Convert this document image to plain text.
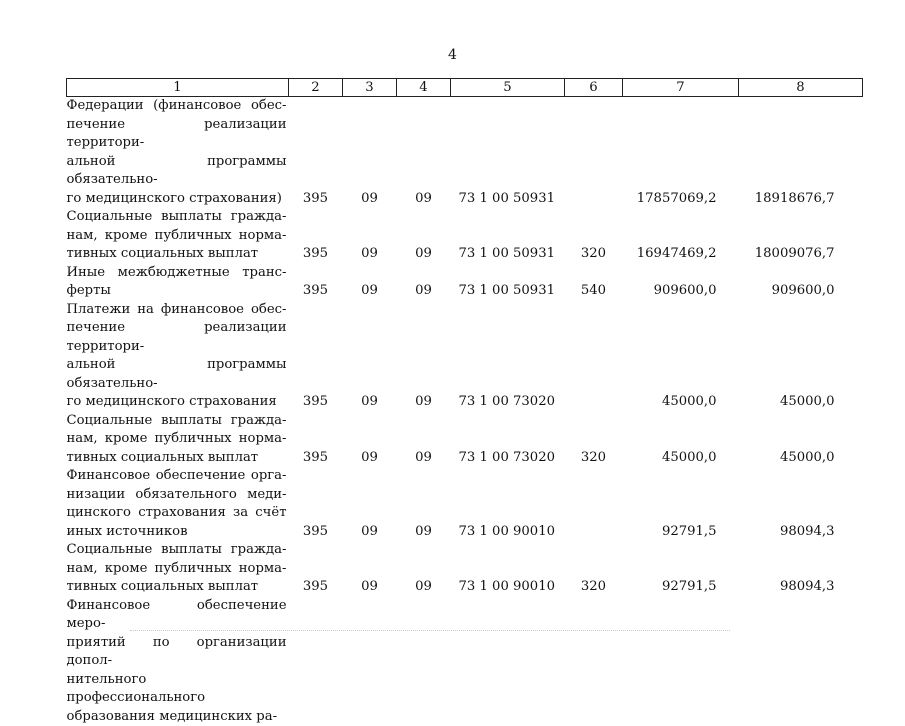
4
1	2	3	4	5	6	7	8

Федерации (финансовое обес-
печение реализации территори-
альной программы обязательно-
го медицинского страхования)	395	09	09	73 1 00 50931		17857069,2	18918676,7

Социальные выплаты гражда-
нам, кроме публичных норма-
тивных социальных выплат	395	09	09	73 1 00 50931	320	16947469,2	18009076,7

Иные межбюджетные транс-
ферты	395	09	09	73 1 00 50931	540	909600,0	909600,0

Платежи на финансовое обес-
печение реализации территори-
альной программы обязательно-
го медицинского страхования	395	09	09	73 1 00 73020		45000,0	45000,0

Социальные выплаты гражда-
нам, кроме публичных норма-
тивных социальных выплат	395	09	09	73 1 00 73020	320	45000,0	45000,0

Финансовое обеспечение орга-
низации обязательного меди-
цинского страхования за счёт
иных источников	395	09	09	73 1 00 90010		92791,5	98094,3

Социальные выплаты гражда-
нам, кроме публичных норма-
тивных социальных выплат	395	09	09	73 1 00 90010	320	92791,5	98094,3

Финансовое обеспечение меро-
приятий по организации допол-
нительного профессионального
образования медицинских ра-							
